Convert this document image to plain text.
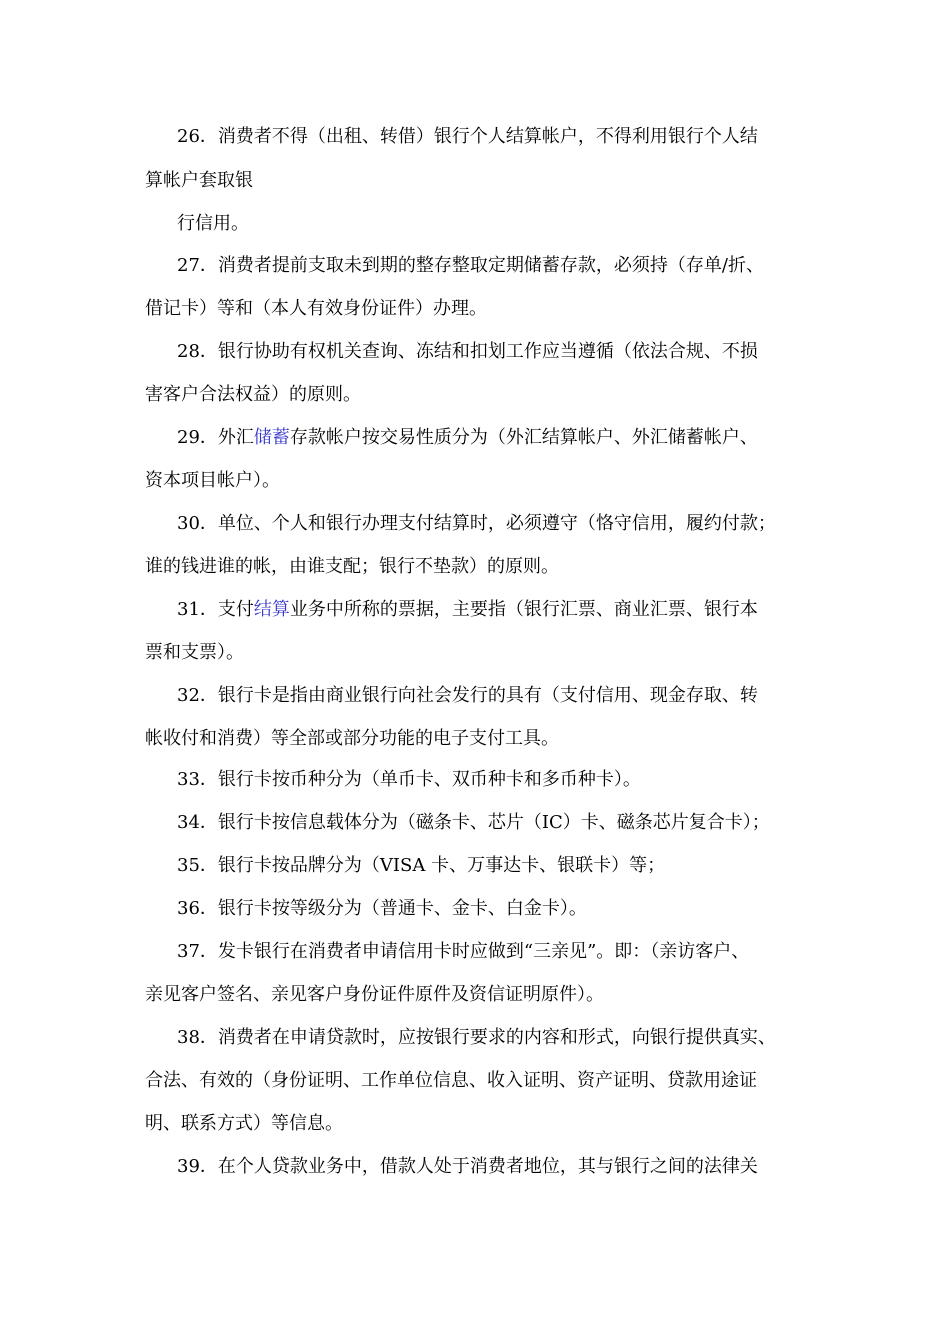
26．消费者不得（出租、转借）银行个人结算帐户，不得利用银行个人结

算帐户套取银

行信用。

27．消费者提前支取未到期的整存整取定期储蓄存款，必须持（存单/折、

借记卡）等和（本人有效身份证件）办理。

28．银行协助有权机关查询、冻结和扣划工作应当遵循（依法合规、不损

害客户合法权益）的原则。

29．外汇储蓄存款帐户按交易性质分为（外汇结算帐户、外汇储蓄帐户、

资本项目帐户）。

30．单位、个人和银行办理支付结算时，必须遵守（恪守信用，履约付款；

谁的钱进谁的帐，由谁支配；银行不垫款）的原则。

31．支付结算业务中所称的票据，主要指（银行汇票、商业汇票、银行本

票和支票）。

32．银行卡是指由商业银行向社会发行的具有（支付信用、现金存取、转

帐收付和消费）等全部或部分功能的电子支付工具。

33．银行卡按币种分为（单币卡、双币种卡和多币种卡）。

34．银行卡按信息载体分为（磁条卡、芯片（IC）卡、磁条芯片复合卡）；

35．银行卡按品牌分为（VISA 卡、万事达卡、银联卡）等；

36．银行卡按等级分为（普通卡、金卡、白金卡）。

37．发卡银行在消费者申请信用卡时应做到“三亲见”。即：（亲访客户、

亲见客户签名、亲见客户身份证件原件及资信证明原件）。

38．消费者在申请贷款时，应按银行要求的内容和形式，向银行提供真实、

合法、有效的（身份证明、工作单位信息、收入证明、资产证明、贷款用途证

明、联系方式）等信息。

39．在个人贷款业务中，借款人处于消费者地位，其与银行之间的法律关
